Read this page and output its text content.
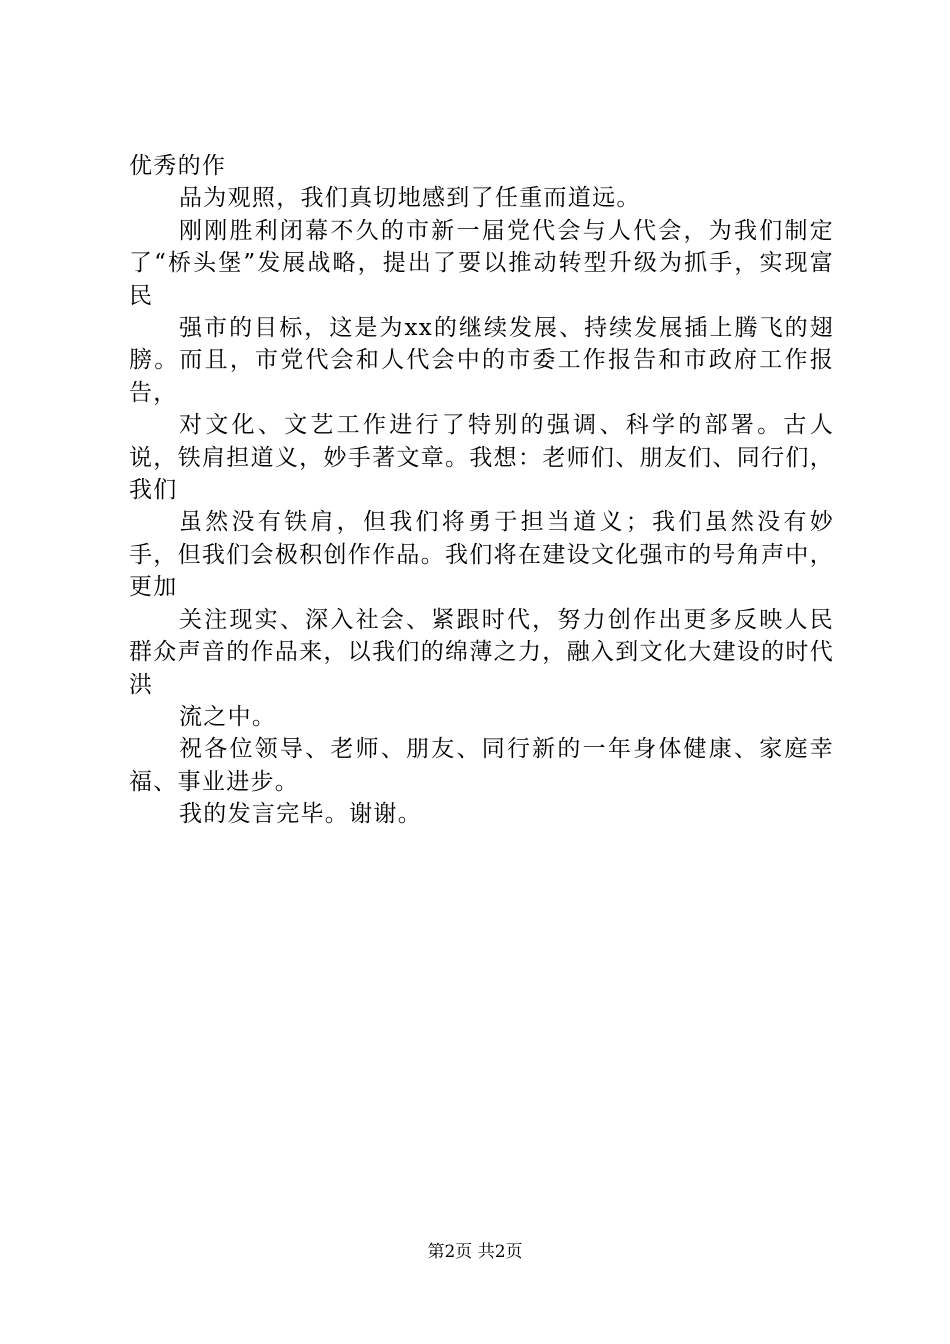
优秀的作

品为观照，我们真切地感到了任重而道远。

刚刚胜利闭幕不久的市新一届党代会与人代会，为我们制定了“桥头堡”发展战略，提出了要以推动转型升级为抓手，实现富民

强市的目标，这是为xx的继续发展、持续发展插上腾飞的翅膀。而且，市党代会和人代会中的市委工作报告和市政府工作报告，

对文化、文艺工作进行了特别的强调、科学的部署。古人说，铁肩担道义，妙手著文章。我想：老师们、朋友们、同行们，我们

虽然没有铁肩，但我们将勇于担当道义；我们虽然没有妙手，但我们会极积创作作品。我们将在建设文化强市的号角声中，更加

关注现实、深入社会、紧跟时代，努力创作出更多反映人民群众声音的作品来，以我们的绵薄之力，融入到文化大建设的时代洪

流之中。

祝各位领导、老师、朋友、同行新的一年身体健康、家庭幸福、事业进步。

我的发言完毕。谢谢。

第2页 共2页
